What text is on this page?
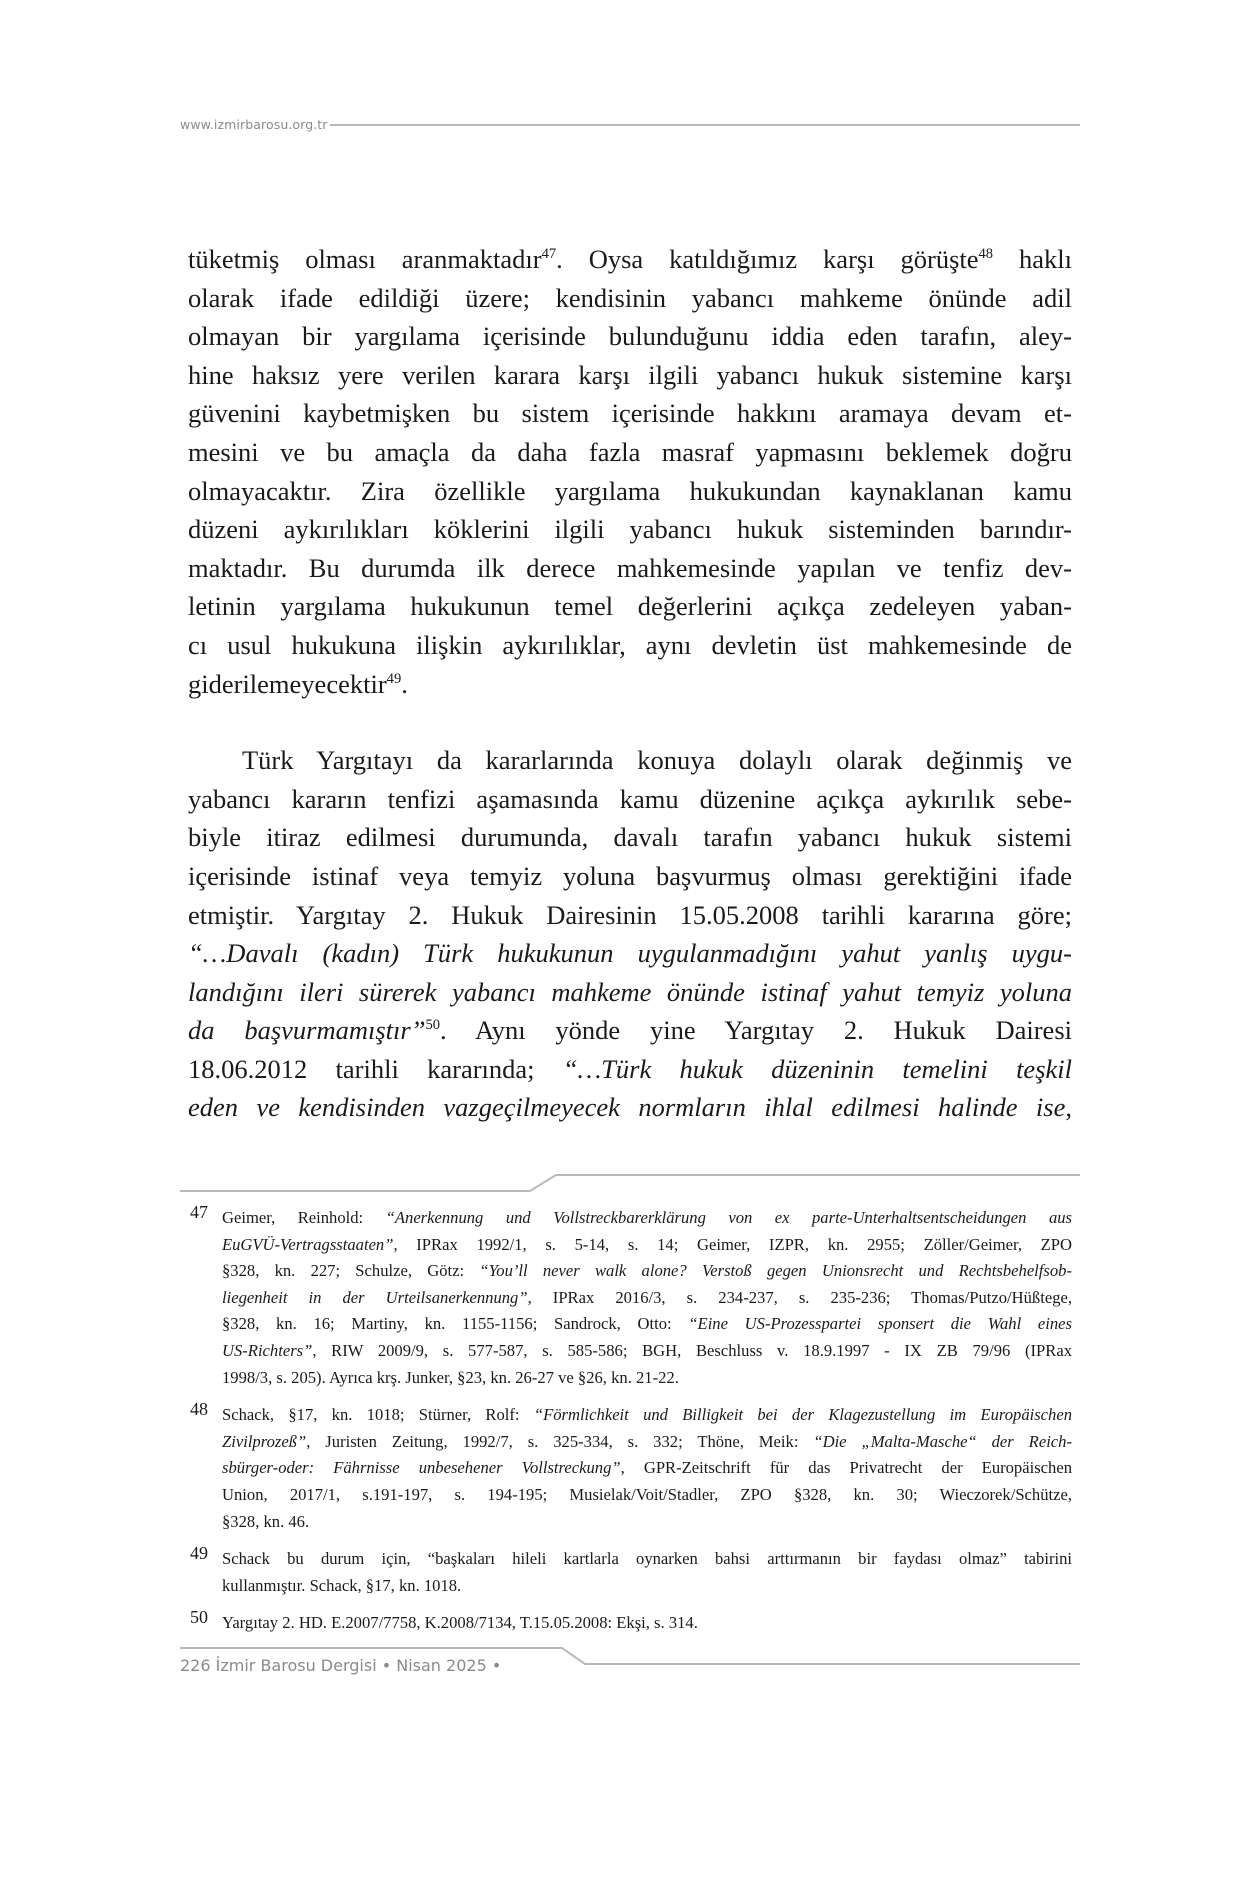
www.izmirbarosu.org.tr

tüketmiş olması aranmaktadır$^{47}$. Oysa katıldığımız karşı görüşte$^{48}$ haklı
olarak ifade edildiği üzere; kendisinin yabancı mahkeme önünde adil
olmayan bir yargılama içerisinde bulunduğunu iddia eden tarafın, aley-
hine haksız yere verilen karara karşı ilgili yabancı hukuk sistemine karşı
güvenini kaybetmişken bu sistem içerisinde hakkını aramaya devam et-
mesini ve bu amaçla da daha fazla masraf yapmasını beklemek doğru
olmayacaktır. Zira özellikle yargılama hukukundan kaynaklanan kamu
düzeni aykırılıkları köklerini ilgili yabancı hukuk sisteminden barındır-
maktadır. Bu durumda ilk derece mahkemesinde yapılan ve tenfiz dev-
letinin yargılama hukukunun temel değerlerini açıkça zedeleyen yaban-
cı usul hukukuna ilişkin aykırılıklar, aynı devletin üst mahkemesinde de
giderilemeyecektir$^{49}$.

Türk Yargıtayı da kararlarında konuya dolaylı olarak değinmiş ve
yabancı kararın tenfizi aşamasında kamu düzenine açıkça aykırılık sebe-
biyle itiraz edilmesi durumunda, davalı tarafın yabancı hukuk sistemi
içerisinde istinaf veya temyiz yoluna başvurmuş olması gerektiğini ifade
etmiştir. Yargıtay 2. Hukuk Dairesinin 15.05.2008 tarihli kararına göre;
“…Davalı (kadın) Türk hukukunun uygulanmadığını yahut yanlış uygu-
landığını ileri sürerek yabancı mahkeme önünde istinaf yahut temyiz yoluna
da başvurmamıştır”$^{50}$. Aynı yönde yine Yargıtay 2. Hukuk Dairesi
18.06.2012 tarihli kararında; “…Türk hukuk düzeninin temelini teşkil
eden ve kendisinden vazgeçilmeyecek normların ihlal edilmesi halinde ise,

47 Geimer, Reinhold: “Anerkennung und Vollstreckbarerklärung von ex parte-Unterhaltsentscheidungen aus
EuGVÜ-Vertragsstaaten”, IPRax 1992/1, s. 5-14, s. 14; Geimer, IZPR, kn. 2955; Zöller/Geimer, ZPO
§328, kn. 227; Schulze, Götz: “You’ll never walk alone? Verstoß gegen Unionsrecht und Rechtsbehelfsob-
liegenheit in der Urteilsanerkennung”, IPRax 2016/3, s. 234-237, s. 235-236; Thomas/Putzo/Hüßtege,
§328, kn. 16; Martiny, kn. 1155-1156; Sandrock, Otto: “Eine US-Prozesspartei sponsert die Wahl eines
US-Richters”, RIW 2009/9, s. 577-587, s. 585-586; BGH, Beschluss v. 18.9.1997 - IX ZB 79/96 (IPRax
1998/3, s. 205). Ayrıca krş. Junker, §23, kn. 26-27 ve §26, kn. 21-22.
48 Schack, §17, kn. 1018; Stürner, Rolf: “Förmlichkeit und Billigkeit bei der Klagezustellung im Europäischen
Zivilprozeß”, Juristen Zeitung, 1992/7, s. 325-334, s. 332; Thöne, Meik: “Die „Malta-Masche“ der Reich-
sbürger-oder: Fährnisse unbesehener Vollstreckung”, GPR-Zeitschrift für das Privatrecht der Europäischen
Union, 2017/1, s.191-197, s. 194-195; Musielak/Voit/Stadler, ZPO §328, kn. 30; Wieczorek/Schütze,
§328, kn. 46.
49 Schack bu durum için, “başkaları hileli kartlarla oynarken bahsi arttırmanın bir faydası olmaz” tabirini
kullanmıştır. Schack, §17, kn. 1018.
50 Yargıtay 2. HD. E.2007/7758, K.2008/7134, T.15.05.2008: Ekşi, s. 314.
226 İzmir Barosu Dergisi • Nisan 2025 •
